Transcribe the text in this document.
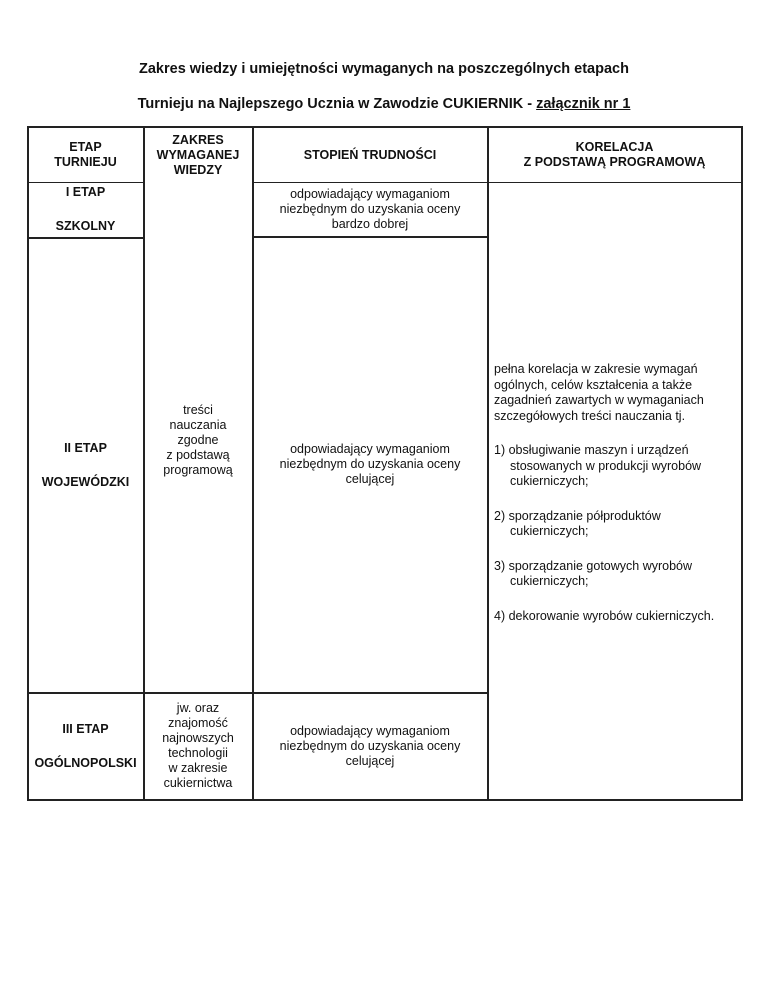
Zakres wiedzy i umiejętności wymaganych na poszczególnych etapach
Turnieju na Najlepszego Ucznia w Zawodzie CUKIERNIK - załącznik nr 1
ETAP
TURNIEJU
ZAKRES
WYMAGANEJ
WIEDZY
STOPIEŃ TRUDNOŚCI
KORELACJA
Z PODSTAWĄ PROGRAMOWĄ
I ETAP
SZKOLNY
odpowiadający wymaganiom
niezbędnym do uzyskania oceny
bardzo dobrej
II ETAP
WOJEWÓDZKI
treści
nauczania
zgodne
z podstawą
programową
odpowiadający wymaganiom
niezbędnym do uzyskania oceny
celującej
III ETAP
OGÓLNOPOLSKI
jw. oraz
znajomość
najnowszych
technologii
w zakresie
cukiernictwa
odpowiadający wymaganiom
niezbędnym do uzyskania oceny
celującej

pełna korelacja w zakresie wymagań ogólnych, celów kształcenia a także zagadnień zawartych w wymaganiach szczegółowych treści nauczania tj.

1) obsługiwanie maszyn i urządzeń stosowanych w produkcji wyrobów cukierniczych;
2) sporządzanie półproduktów cukierniczych;
3) sporządzanie gotowych wyrobów cukierniczych;
4) dekorowanie wyrobów cukierniczych.
